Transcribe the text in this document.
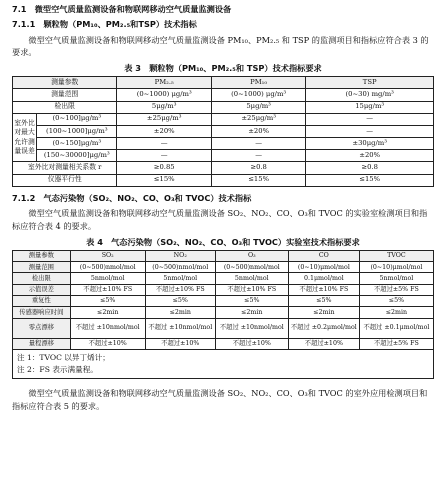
7.1　微型空气质量监测设备和物联网移动空气质量监测设备
7.1.1　颗粒物（PM₁₀、PM₂.₅和TSP）技术指标

微型空气质量监测设备和物联网移动空气质量监测设备 PM₁₀、PM₂.₅ 和 TSP 的监测项目和指标应符合表 3 的要求。

表 3　颗粒物（PM₁₀、PM₂.₅和 TSP）技术指标要求
测量参数		PM₂.₅	PM₁₀	TSP
测量范围		(0~1000) μg/m³	(0~1000) μg/m³	(0~30) mg/m³
检出限		5μg/m³	5μg/m³	15μg/m³
室外比对最大允许测量误差	(0~100]μg/m³	±25μg/m³	±25μg/m³	—
	(100~1000]μg/m³	±20%	±20%	—
	(0~150]μg/m³	—	—	±30μg/m³
	(150~30000]μg/m³	—	—	±20%
室外比对测量相关系数 r		≥0.85	≥0.8	≥0.8
仪器平行性		≤15%	≤15%	≤15%
7.1.2　气态污染物（SO₂、NO₂、CO、O₃和 TVOC）技术指标

微型空气质量监测设备和物联网移动空气质量监测设备 SO₂、NO₂、CO、O₃和 TVOC 的实验室检测项目和指标应符合表 4 的要求。

表 4　气态污染物（SO₂、NO₂、CO、O₃和 TVOC）实验室技术指标要求
测量参数	SO₂	NO₂	O₃	CO	TVOC
测量范围	(0~500)nmol/mol	(0~500)nmol/mol	(0~500)nmol/mol	(0~10)μmol/mol	(0~10)μmol/mol
检出限	5nmol/mol	5nmol/mol	5nmol/mol	0.1μmol/mol	5nmol/mol
示值误差	不超过±10% FS	不超过±10% FS	不超过±10% FS	不超过±10% FS	不超过±5% FS
重复性	≤5%	≤5%	≤5%	≤5%	≤5%
传感器响应时间	≤2min	≤2min	≤2min	≤2min	≤2min
零点漂移	不超过 ±10nmol/mol	不超过 ±10nmol/mol	不超过 ±10nmol/mol	不超过 ±0.2μmol/mol	不超过 ±0.1μmol/mol
量程漂移	不超过±10%	不超过±10%	不超过±10%	不超过±10%	不超过±5% FS

注 1：TVOC 以异丁烯计；
注 2：FS 表示满量程。					

微型空气质量监测设备和物联网移动空气质量监测设备 SO₂、NO₂、CO、O₃和 TVOC 的室外应用检测项目和指标应符合表 5 的要求。
